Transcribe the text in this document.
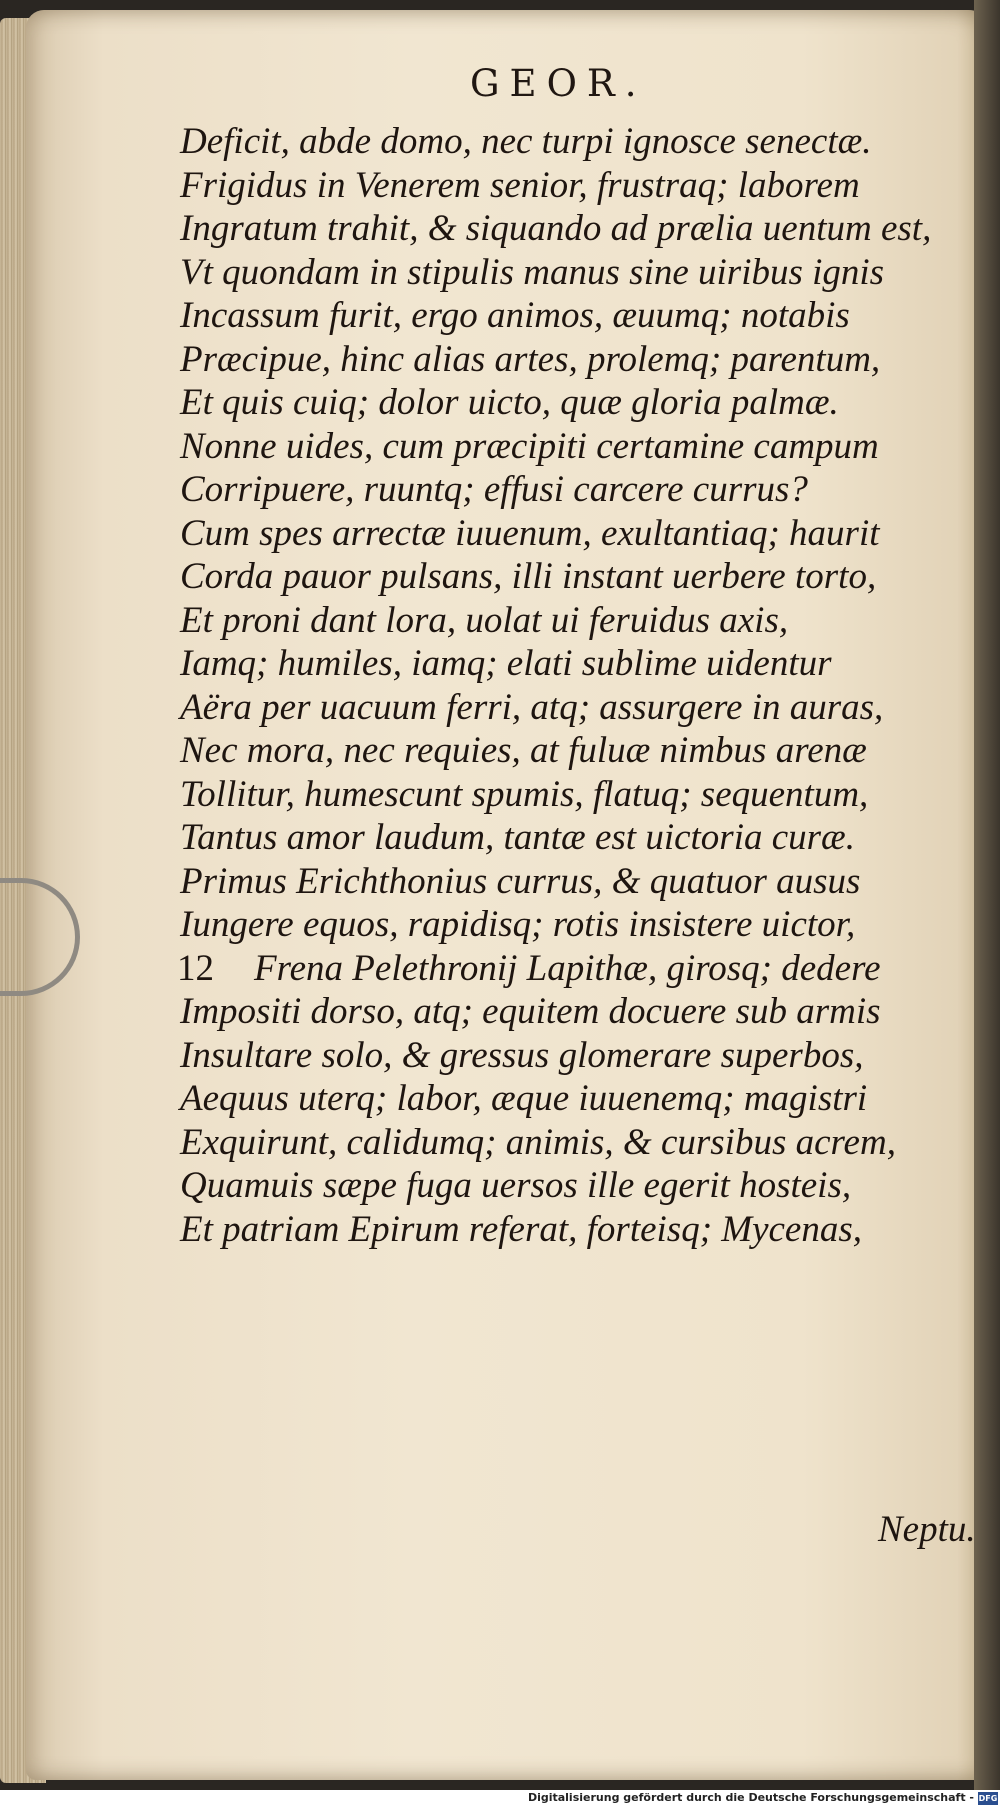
GEOR.
Deficit, abde domo, nec turpi ignosce senectæ.
Frigidus in Venerem senior, frustraq; laborem
Ingratum trahit, & siquando ad prælia uentum est,
Vt quondam in stipulis manus sine uiribus ignis
Incassum furit, ergo animos, æuumq; notabis
Præcipue, hinc alias artes, prolemq; parentum,
Et quis cuiq; dolor uicto, quæ gloria palmæ.
Nonne uides, cum præcipiti certamine campum
Corripuere, ruuntq; effusi carcere currus?
Cum spes arrectæ iuuenum, exultantiaq; haurit
Corda pauor pulsans, illi instant uerbere torto,
Et proni dant lora, uolat ui feruidus axis,
Iamq; humiles, iamq; elati sublime uidentur
Aëra per uacuum ferri, atq; assurgere in auras,
Nec mora, nec requies, at fuluæ nimbus arenæ
Tollitur, humescunt spumis, flatuq; sequentum,
Tantus amor laudum, tantæ est uictoria curæ.
Primus Erichthonius currus, & quatuor ausus
Iungere equos, rapidisq; rotis insistere uictor,
12 Frena Pelethronij Lapithæ, girosq; dedere
Impositi dorso, atq; equitem docuere sub armis
Insultare solo, & gressus glomerare superbos,
Aequus uterq; labor, æque iuuenemq; magistri
Exquirunt, calidumq; animis, & cursibus acrem,
Quamuis sæpe fuga uersos ille egerit hosteis,
Et patriam Epirum referat, forteisq; Mycenas,
Neptu.
Digitalisierung gefördert durch die Deutsche Forschungsgemeinschaft - DFG
